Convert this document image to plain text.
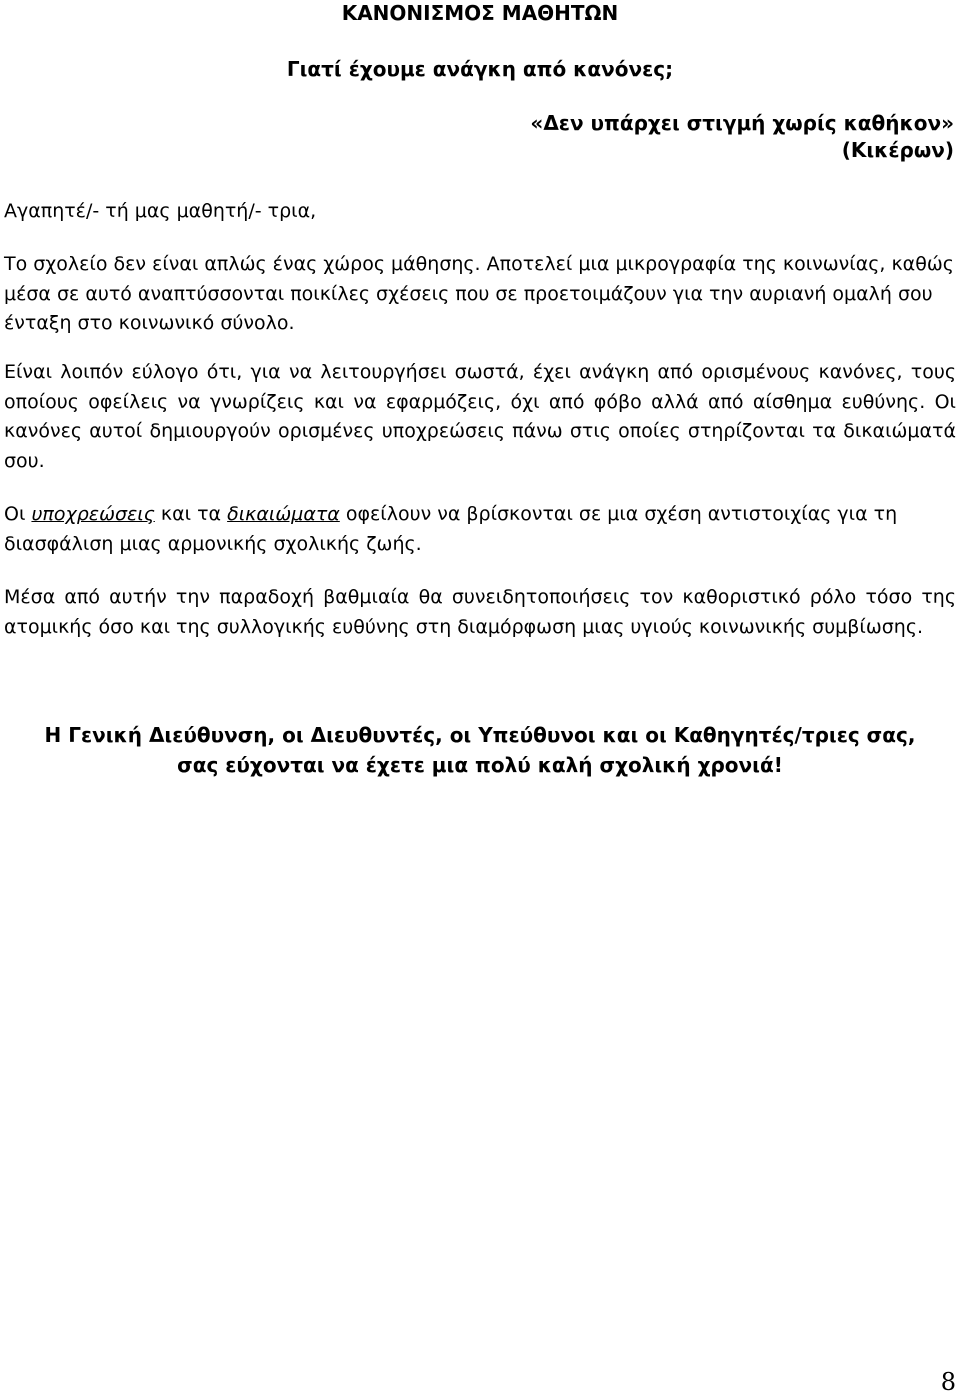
ΚΑΝΟΝΙΣΜΟΣ ΜΑΘΗΤΩΝ
Γιατί έχουμε ανάγκη από κανόνες;
«Δεν υπάρχει στιγμή χωρίς καθήκον»
(Κικέρων)

Αγαπητέ/- τή μας μαθητή/- τρια,

Το σχολείο δεν είναι απλώς ένας χώρος μάθησης. Αποτελεί μια μικρογραφία της κοινωνίας, καθώς μέσα σε αυτό αναπτύσσονται ποικίλες σχέσεις που σε προετοιμάζουν για την αυριανή ομαλή σου ένταξη στο κοινωνικό σύνολο.

Είναι λοιπόν εύλογο ότι, για να λειτουργήσει σωστά, έχει ανάγκη από ορισμένους κανόνες, τους οποίους οφείλεις να γνωρίζεις και να εφαρμόζεις, όχι από φόβο αλλά από αίσθημα ευθύνης. Οι κανόνες αυτοί δημιουργούν ορισμένες υποχρεώσεις πάνω στις οποίες στηρίζονται τα δικαιώματά σου.

Οι υποχρεώσεις και τα δικαιώματα οφείλουν να βρίσκονται σε μια σχέση αντιστοιχίας για τη διασφάλιση μιας αρμονικής σχολικής ζωής.

Μέσα από αυτήν την παραδοχή βαθμιαία θα συνειδητοποιήσεις τον καθοριστικό ρόλο τόσο της ατομικής όσο και της συλλογικής ευθύνης στη διαμόρφωση μιας υγιούς κοινωνικής συμβίωσης.

Η Γενική Διεύθυνση, οι Διευθυντές, οι Υπεύθυνοι και οι Καθηγητές/τριες σας,
σας εύχονται να έχετε μια πολύ καλή σχολική χρονιά!
8
